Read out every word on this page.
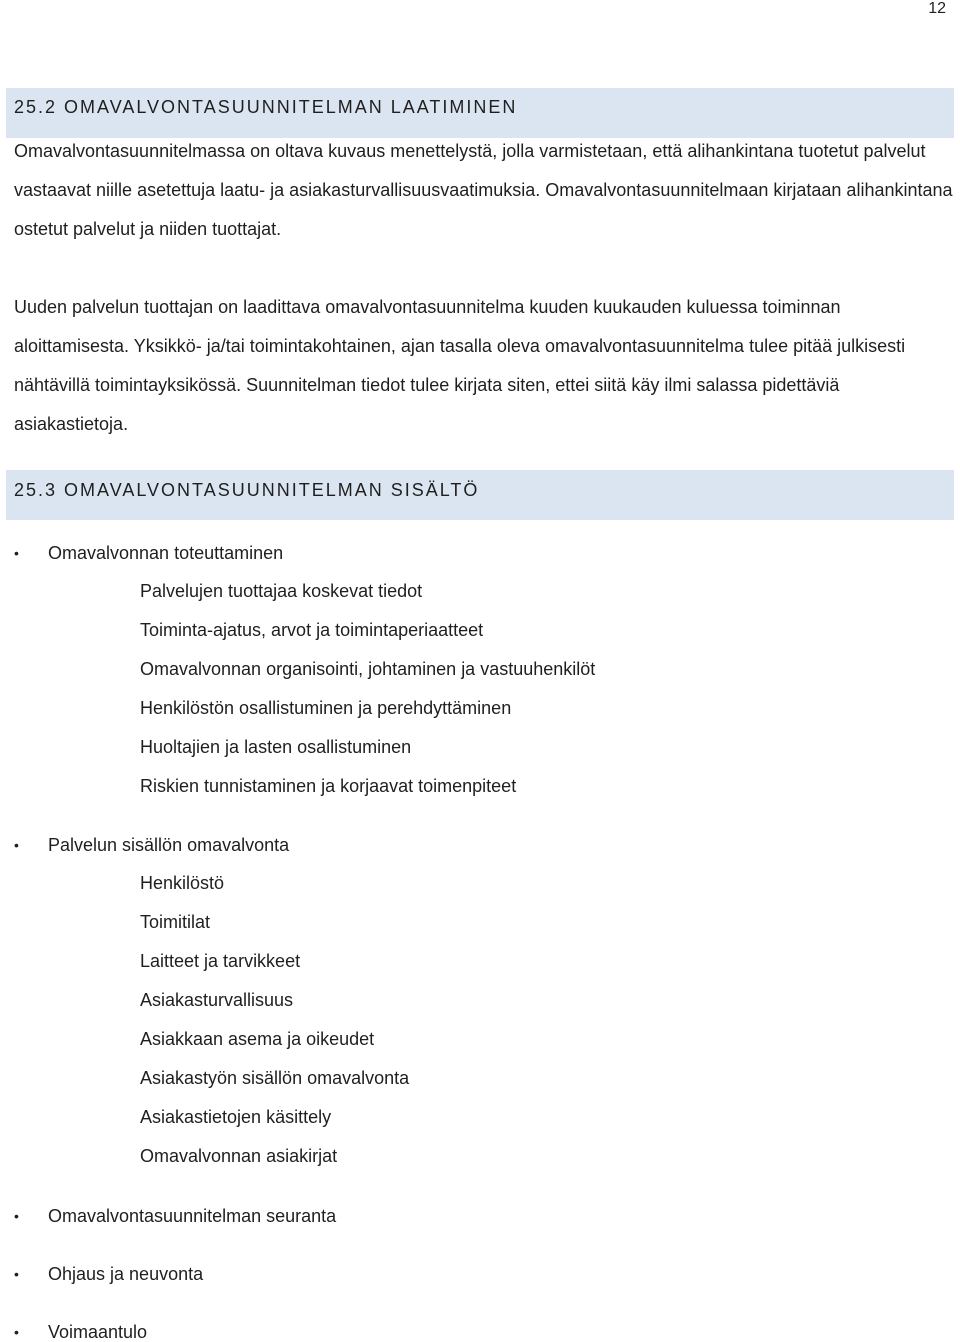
12
25.2 OMAVALVONTASUUNNITELMAN LAATIMINEN

Omavalvontasuunnitelmassa on oltava kuvaus menettelystä, jolla varmistetaan, että alihankintana tuotetut palvelut vastaavat niille asetettuja laatu- ja asiakasturvallisuusvaatimuksia. Omavalvontasuunnitelmaan kirjataan alihankintana ostetut palvelut ja niiden tuottajat.

Uuden palvelun tuottajan on laadittava omavalvontasuunnitelma kuuden kuukauden kuluessa toiminnan aloittamisesta. Yksikkö- ja/tai toimintakohtainen, ajan tasalla oleva omavalvontasuunnitelma tulee pitää julkisesti nähtävillä toimintayksikössä. Suunnitelman tiedot tulee kirjata siten, ettei siitä käy ilmi salassa pidettäviä asiakastietoja.

25.3 OMAVALVONTASUUNNITELMAN SISÄLTÖ
• Omavalvonnan toteuttaminen
Palvelujen tuottajaa koskevat tiedot
Toiminta-ajatus, arvot ja toimintaperiaatteet
Omavalvonnan organisointi, johtaminen ja vastuuhenkilöt
Henkilöstön osallistuminen ja perehdyttäminen
Huoltajien ja lasten osallistuminen
Riskien tunnistaminen ja korjaavat toimenpiteet
• Palvelun sisällön omavalvonta
Henkilöstö
Toimitilat
Laitteet ja tarvikkeet
Asiakasturvallisuus
Asiakkaan asema ja oikeudet
Asiakastyön sisällön omavalvonta
Asiakastietojen käsittely
Omavalvonnan asiakirjat
• Omavalvontasuunnitelman seuranta
• Ohjaus ja neuvonta
• Voimaantulo
